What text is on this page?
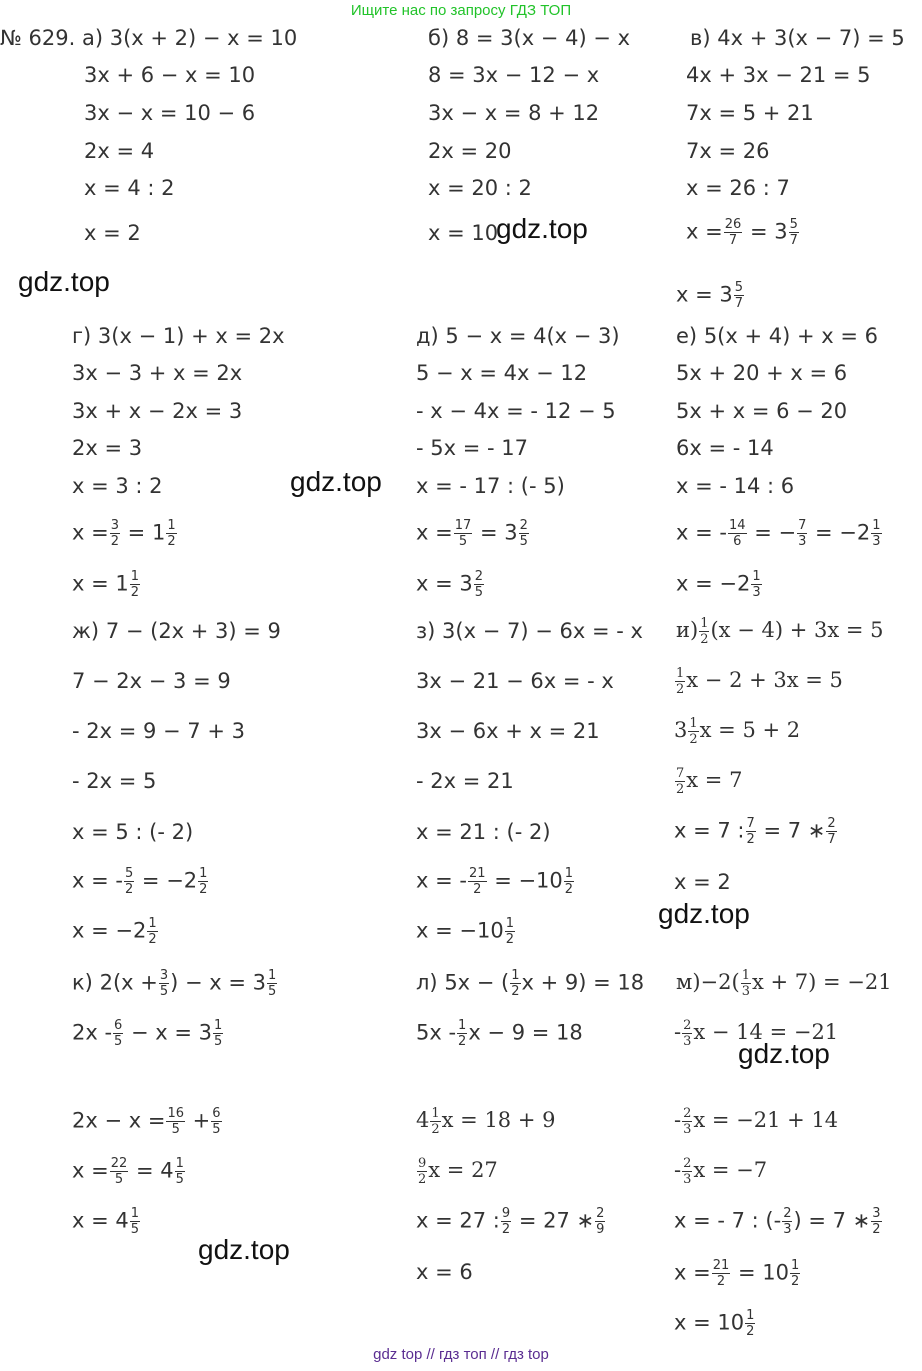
Ищите нас по запросу ГДЗ ТОП
№ 629. а) 3(x + 2) − x = 10
3x + 6 − x = 10
3x − x = 10 − 6
2x = 4
x = 4 : 2
x = 2
б) 8 = 3(x − 4) − x
8 = 3x − 12 − x
3x − x = 8 + 12
2x = 20
x = 20 : 2
x = 10
в) 4x + 3(x − 7) = 5
4x + 3x − 21 = 5
7x = 5 + 21
7x = 26
x = 26 : 7
$x = \frac{26}{7} = 3 \frac{5}{7}$
$x = 3 \frac{5}{7}$
г) 3(x − 1) + x = 2x
3x − 3 + x = 2x
3x + x − 2x = 3
2x = 3
x = 3 : 2
$x = \frac{3}{2} = 1 \frac{1}{2}$
$x = 1 \frac{1}{2}$
д) 5 − x = 4(x − 3)
5 − x = 4x − 12
- x − 4x = - 12 − 5
- 5x = - 17
x = - 17 : (- 5)
$x = \frac{17}{5} = 3 \frac{2}{5}$
$x = 3 \frac{2}{5}$
е) 5(x + 4) + x = 6
5x + 20 + x = 6
5x + x = 6 − 20
6x = - 14
x = - 14 : 6
x = - $\frac{14}{6}$ = − $\frac{7}{3} = -2 \frac{1}{3}$
$x = -2 \frac{1}{3}$
ж) 7 − (2x + 3) = 9
7 − 2x − 3 = 9
- 2x = 9 − 7 + 3
- 2x = 5
x = 5 : (- 2)
x = - $\frac{5}{2} = -2 \frac{1}{2}$
$x = -2 \frac{1}{2}$
з) 3(x − 7) − 6x = - x
3x − 21 − 6x = - x
3x − 6x + x = 21
- 2x = 21
x = 21 : (- 2)
x = - $\frac{21}{2} = -10 \frac{1}{2}$
$x = -10 \frac{1}{2}$
$и) \frac{1}{2} (x - 4) + 3x = 5$
$\frac{1}{2}$ x − 2 + 3x = 5
$3 \frac{1}{2}$ x = 5 + 2
$\frac{7}{2}$ x = 7
x = 7 : $\frac{7}{2} = 7$ ∗ $\frac{2}{7}$
x = 2
к) $2(x + \frac{3}{5}$ ) − $x = 3 \frac{1}{5}$
$2x - \frac{6}{5} - x = 3 \frac{1}{5}$
$2x - x = \frac{16}{5} + \frac{6}{5}$
$x = \frac{22}{5} = 4 \frac{1}{5}$
$x = 4 \frac{1}{5}$
л) 5x − ( $\frac{1}{2}$ x + 9) = 18
$5x - \frac{1}{2}$ x − 9 = 18
$4 \frac{1}{2}$ x = 18 + 9
$\frac{9}{2}$ x = 27
x = 27 : $\frac{9}{2} = 27$ ∗ $\frac{2}{9}$
x = 6
$м)-2( \frac{1}{3}$ x + 7) = −21
- $\frac{2}{3}$ x − 14 = −21
- $\frac{2}{3}$ x = −21 + 14
- $\frac{2}{3}$ x = −7
x = - 7 : (- $\frac{2}{3}$ ) = 7 ∗ $\frac{3}{2}$
$x = \frac{21}{2} = 10 \frac{1}{2}$
$x = 10 \frac{1}{2}$
gdz.top
gdz.top
gdz.top
gdz.top
gdz.top
gdz.top
gdz top // гдз топ // гдз top
